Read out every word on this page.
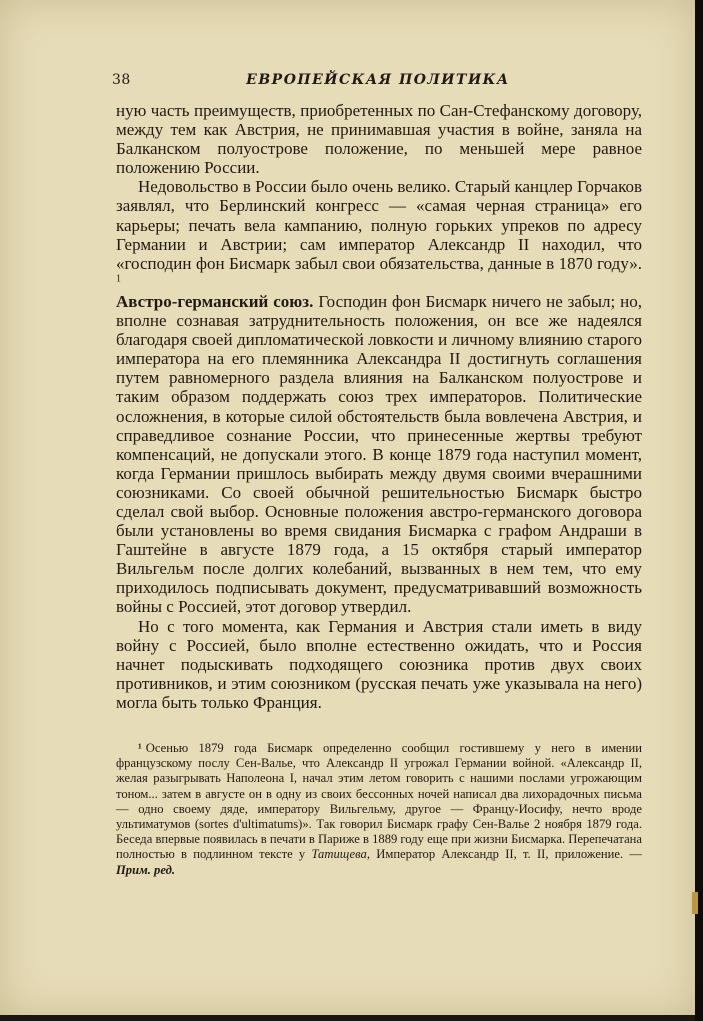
38	ЕВРОПЕЙСКАЯ ПОЛИТИКА

ную часть преимуществ, приобретенных по Сан-Стефанскому договору, между тем как Австрия, не принимавшая участия в войне, заняла на Балканском полуострове положение, по меньшей мере равное положению России.

Недовольство в России было очень велико. Старый канцлер Горчаков заявлял, что Берлинский конгресс — «самая черная страница» его карьеры; печать вела кампанию, полную горьких упреков по адресу Германии и Австрии; сам император Александр II находил, что «господин фон Бисмарк забыл свои обязательства, данные в 1870 году». $^1$

Австро-германский союз. Господин фон Бисмарк ничего не забыл; но, вполне сознавая затруднительность положения, он все же надеялся благодаря своей дипломатической ловкости и личному влиянию старого императора на его племянника Александра II достигнуть соглашения путем равномерного раздела влияния на Балканском полуострове и таким образом поддержать союз трех императоров. Политические осложнения, в которые силой обстоятельств была вовлечена Австрия, и справедливое сознание России, что принесенные жертвы требуют компенсаций, не допускали этого. В конце 1879 года наступил момент, когда Германии пришлось выбирать между двумя своими вчерашними союзниками. Со своей обычной решительностью Бисмарк быстро сделал свой выбор. Основные положения австро-германского договора были установлены во время свидания Бисмарка с графом Андраши в Гаштейне в августе 1879 года, а 15 октября старый император Вильгельм после долгих колебаний, вызванных в нем тем, что ему приходилось подписывать документ, предусматривавший возможность войны с Россией, этот договор утвердил.

Но с того момента, как Германия и Австрия стали иметь в виду войну с Россией, было вполне естественно ожидать, что и Россия начнет подыскивать подходящего союзника против двух своих противников, и этим союзником (русская печать уже указывала на него) могла быть только Франция.

¹ Осенью 1879 года Бисмарк определенно сообщил гостившему у него в имении французскому послу Сен-Валье, что Александр II угрожал Германии войной. «Александр II, желая разыгрывать Наполеона I, начал этим летом говорить с нашими послами угрожающим тоном... затем в августе он в одну из своих бессонных ночей написал два лихорадочных письма — одно своему дяде, императору Вильгельму, другое — Францу-Иосифу, нечто вроде ультиматумов (sortes d'ultimatums)». Так говорил Бисмарк графу Сен-Валье 2 ноября 1879 года. Беседа впервые появилась в печати в Париже в 1889 году еще при жизни Бисмарка. Перепечатана полностью в подлинном тексте у Татищева, Император Александр II, т. II, приложение. — Прим. ред.
